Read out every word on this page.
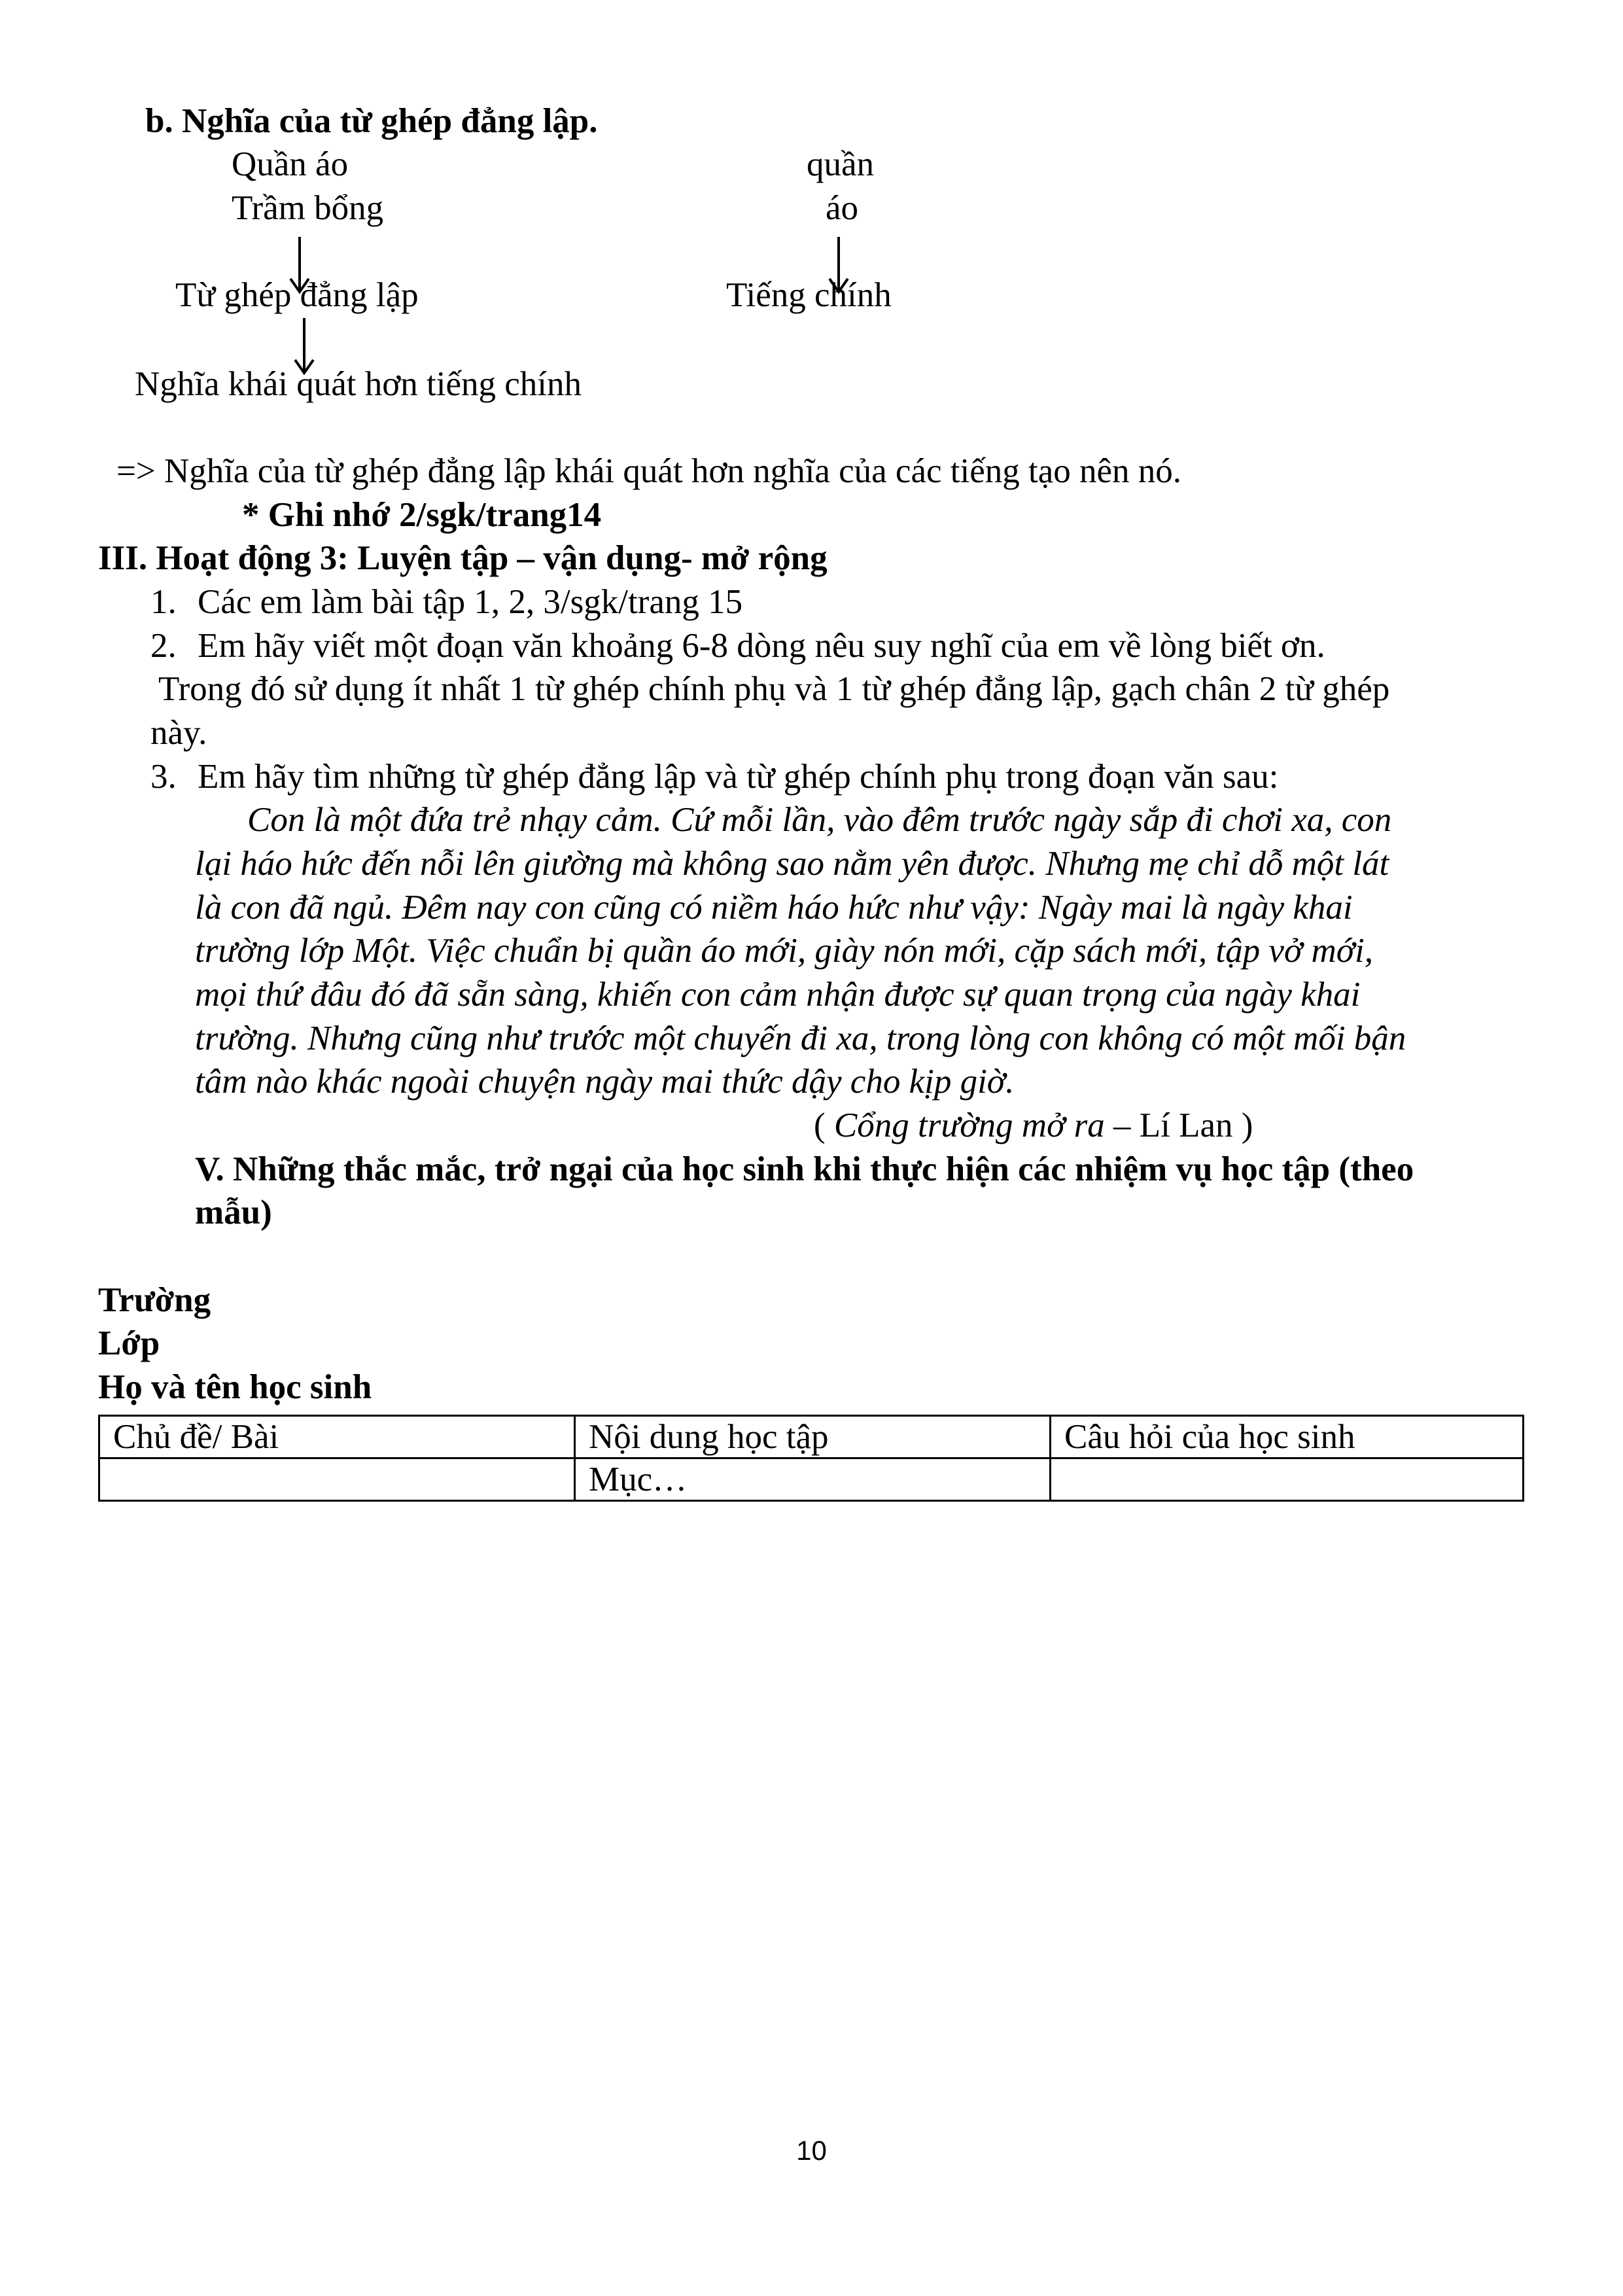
b. Nghĩa của từ ghép đẳng lập.
Quần áo
Trầm bổng
quần
áo
Từ ghép đẳng lập	Tiếng chính
Nghĩa khái quát hơn tiếng chính
=> Nghĩa của từ ghép đẳng lập khái quát hơn nghĩa của các tiếng tạo nên nó.
* Ghi nhớ 2/sgk/trang14
III. Hoạt động 3: Luyện tập – vận dụng- mở rộng
1. Các em làm bài tập 1, 2, 3/sgk/trang 15
2. Em hãy viết một đoạn văn khoảng 6-8 dòng nêu suy nghĩ của em về lòng biết ơn.
Trong đó sử dụng ít nhất 1 từ ghép chính phụ và 1 từ ghép đẳng lập, gạch chân 2 từ ghép
này.
3. Em hãy tìm những từ ghép đẳng lập và từ ghép chính phụ trong đoạn văn sau:
Con là một đứa trẻ nhạy cảm. Cứ mỗi lần, vào đêm trước ngày sắp đi chơi xa, con
lại háo hức đến nỗi lên giường mà không sao nằm yên được. Nhưng mẹ chỉ dỗ một lát
là con đã ngủ. Đêm nay con cũng có niềm háo hức như vậy: Ngày mai là ngày khai
trường lớp Một. Việc chuẩn bị quần áo mới, giày nón mới, cặp sách mới, tập vở mới,
mọi thứ đâu đó đã sẵn sàng, khiến con cảm nhận được sự quan trọng của ngày khai
trường. Nhưng cũng như trước một chuyến đi xa, trong lòng con không có một mối bận
tâm nào khác ngoài chuyện ngày mai thức dậy cho kịp giờ.
( Cổng trường mở ra – Lí Lan )
V. Những thắc mắc, trở ngại của học sinh khi thực hiện các nhiệm vụ học tập (theo
mẫu)
Trường
Lớp
Họ và tên học sinh
Chủ đề/ Bài	Nội dung học tập	Câu hỏi của học sinh
	Mục…	
10
